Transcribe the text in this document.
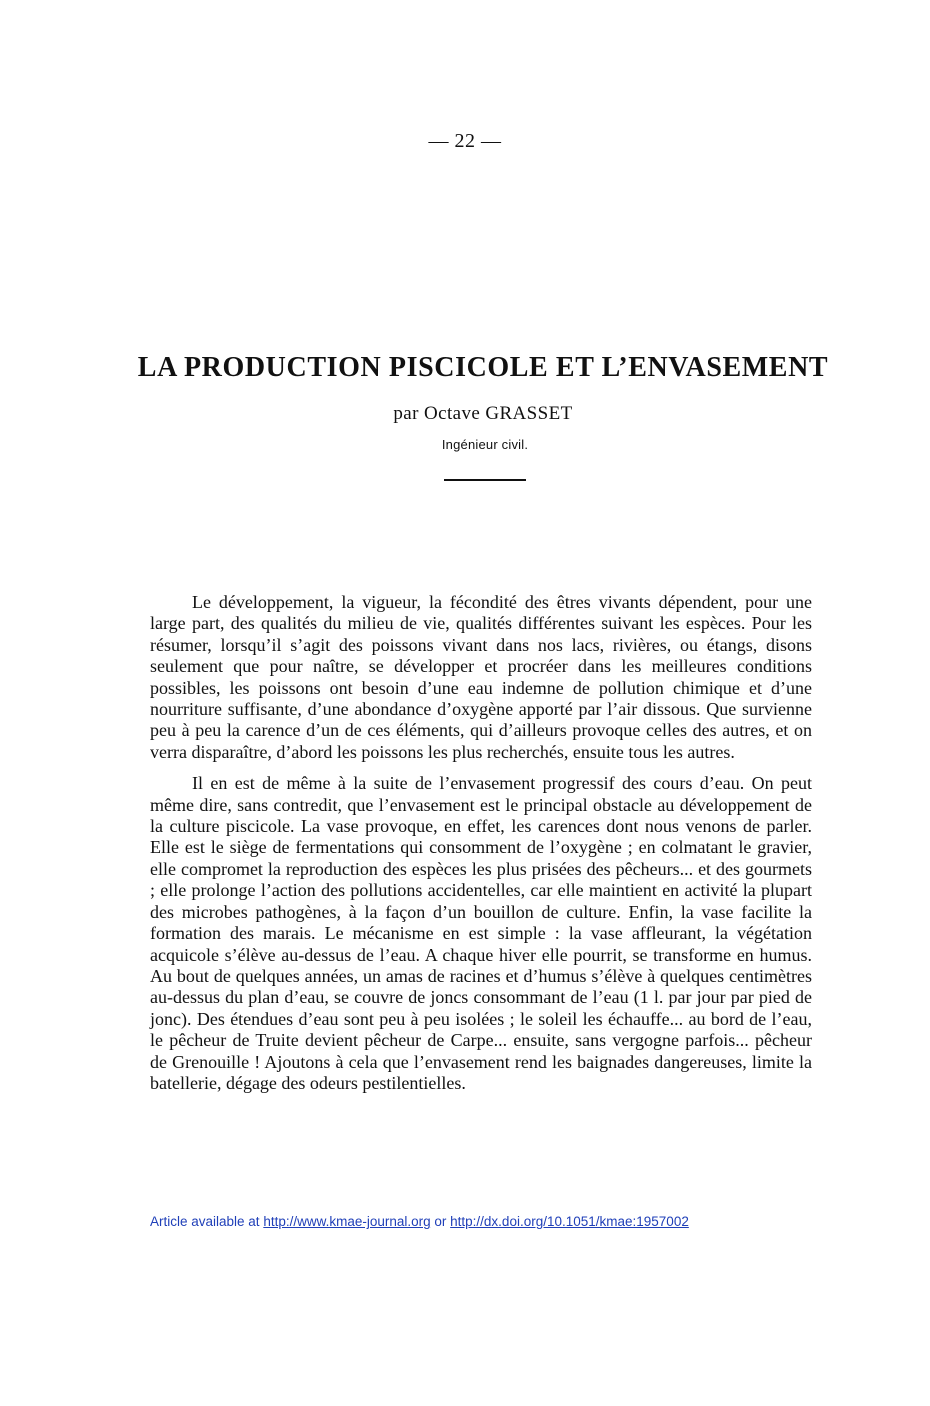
— 22 —
LA PRODUCTION PISCICOLE ET L’ENVASEMENT
par Octave GRASSET
Ingénieur civil.

Le développement, la vigueur, la fécondité des êtres vivants dépendent, pour une large part, des qualités du milieu de vie, qualités différentes suivant les espèces. Pour les résumer, lorsqu’il s’agit des poissons vivant dans nos lacs, rivières, ou étangs, disons seulement que pour naître, se développer et procréer dans les meilleures conditions possibles, les poissons ont besoin d’une eau indemne de pollution chimique et d’une nourriture suffisante, d’une abondance d’oxygène apporté par l’air dissous. Que survienne peu à peu la carence d’un de ces éléments, qui d’ailleurs provoque celles des autres, et on verra disparaître, d’abord les poissons les plus recherchés, ensuite tous les autres.

Il en est de même à la suite de l’envasement progressif des cours d’eau. On peut même dire, sans contredit, que l’envasement est le principal obstacle au développement de la culture piscicole. La vase provoque, en effet, les carences dont nous venons de parler. Elle est le siège de fermentations qui consomment de l’oxygène ; en colmatant le gravier, elle compromet la reproduction des espèces les plus prisées des pêcheurs... et des gourmets ; elle prolonge l’action des pollutions accidentelles, car elle maintient en activité la plupart des microbes pathogènes, à la façon d’un bouillon de culture. Enfin, la vase facilite la formation des marais. Le mécanisme en est simple : la vase affleurant, la végétation acquicole s’élève au-dessus de l’eau. A chaque hiver elle pourrit, se transforme en humus. Au bout de quelques années, un amas de racines et d’humus s’élève à quelques centimètres au-dessus du plan d’eau, se couvre de joncs consommant de l’eau (1 l. par jour par pied de jonc). Des étendues d’eau sont peu à peu isolées ; le soleil les échauffe... au bord de l’eau, le pêcheur de Truite devient pêcheur de Carpe... ensuite, sans vergogne parfois... pêcheur de Grenouille ! Ajoutons à cela que l’envasement rend les baignades dangereuses, limite la batellerie, dégage des odeurs pestilentielles.

Article available at http://www.kmae-journal.org or http://dx.doi.org/10.1051/kmae:1957002
